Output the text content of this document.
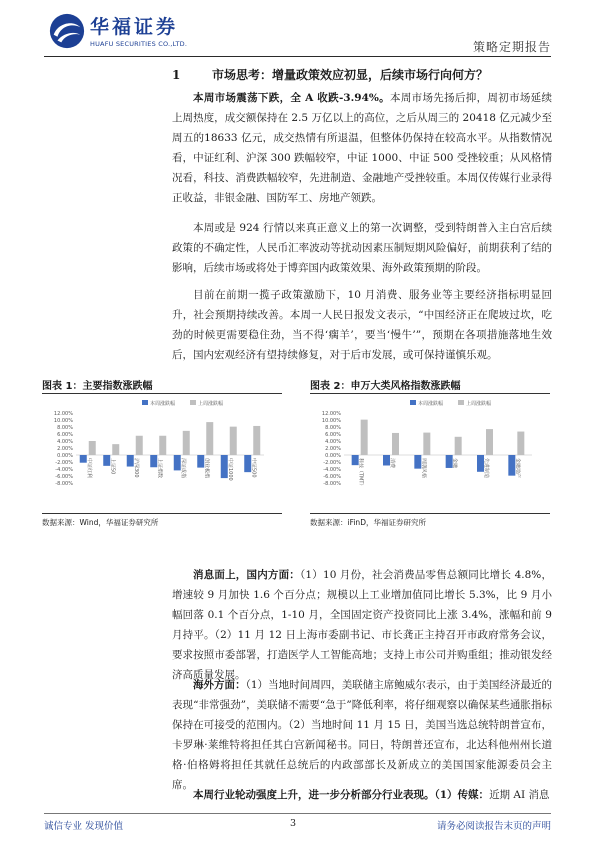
华福证券
HUAFU SECURITIES CO.,LTD.	策略定期报告
1	市场思考：增量政策效应初显，后续市场行向何方？

本周市场震荡下跌，全 A 收跌-3.94%。本周市场先扬后抑，周初市场延续上周热度，成交额保持在 2.5 万亿以上的高位，之后从周三的 20418 亿元减少至周五的18633 亿元，成交热情有所退温，但整体仍保持在较高水平。从指数情况看，中证红利、沪深 300 跌幅较窄，中证 1000、中证 500 受挫较重；从风格情况看，科技、消费跌幅较窄，先进制造、金融地产受挫较重。本周仅传媒行业录得正收益，非银金融、国防军工、房地产领跌。

本周或是 924 行情以来真正意义上的第一次调整，受到特朗普入主白宫后续政策的不确定性，人民币汇率波动等扰动因素压制短期风险偏好，前期获利了结的影响，后续市场或将处于博弈国内政策效果、海外政策预期的阶段。

目前在前期一揽子政策激励下，10 月消费、服务业等主要经济指标明显回升，社会预期持续改善。本周一人民日报发文表示，“中国经济正在爬坡过坎，吃劲的时候更需要稳住劲，当不得‘瘸羊’，要当‘慢牛’”，预期在各项措施落地生效后，国内宏观经济有望持续修复，对于后市发展，或可保持谨慎乐观。

图表 1：主要指数涨跌幅
本周涨跌幅	上周涨跌幅
12.00%
10.00%
8.00%
6.00%
4.00%
2.00%
0.00%
-2.00%
-4.00%
-6.00%
-8.00%
中证红利	上证50	沪深300	上证指数	深证成指	创业板指	中证1000	中证500
数据来源：Wind，华福证券研究所
图表 2：申万大类风格指数涨跌幅
本周涨跌幅	上周涨跌幅
12.00%
10.00%
8.00%
6.00%
4.00%
2.00%
0.00%
-2.00%
-4.00%
-6.00%
-8.00%	科技（TMT）	消费	周期风格	金融	先进制造	金融地产
数据来源：iFinD，华福证券研究所

消息面上，国内方面：（1）10 月份，社会消费品零售总额同比增长 4.8%，增速较 9 月加快 1.6 个百分点；规模以上工业增加值同比增长 5.3%，比 9 月小幅回落 0.1 个百分点，1-10 月，全国固定资产投资同比上涨 3.4%，涨幅和前 9 月持平。（2）11 月 12 日上海市委副书记、市长龚正主持召开市政府常务会议，要求按照市委部署，打造医学人工智能高地；支持上市公司并购重组；推动银发经济高质量发展。

海外方面：（1）当地时间周四，美联储主席鲍威尔表示，由于美国经济最近的表现“非常强劲”，美联储不需要“急于”降低利率，将仔细观察以确保某些通胀指标保持在可接受的范围内。（2）当地时间 11 月 15 日，美国当选总统特朗普宣布，卡罗琳·莱维特将担任其白宫新闻秘书。同日，特朗普还宣布，北达科他州州长道格·伯格姆将担任其就任总统后的内政部部长及新成立的美国国家能源委员会主席。

本周行业轮动强度上升，进一步分析部分行业表现。（1）传媒：近期 AI 消息

诚信专业 发现价值	3	请务必阅读报告末页的声明
